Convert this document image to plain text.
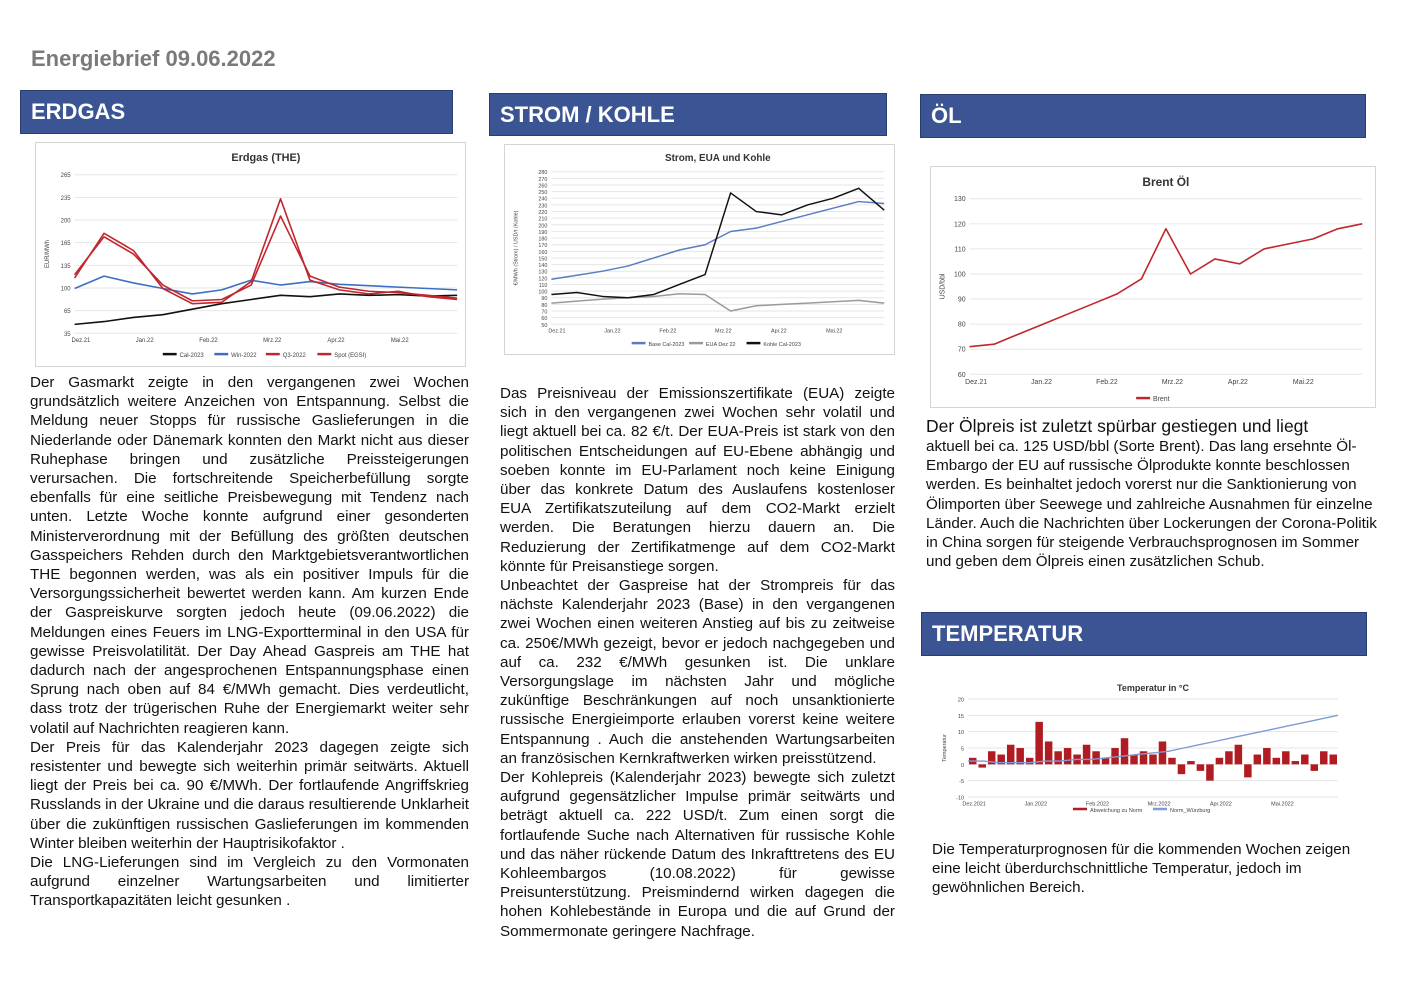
Energiebrief 09.06.2022
ERDGAS
Erdgas (THE)
35
65
100
135
165
200
235
265
EUR/MWh
Dez.21	Jan.22	Feb.22	Mrz.22	Apr.22	Mai.22
Cal-2023	Win-2022	Q3-2022	Spot (EGSI)

Der Gasmarkt zeigte in den vergangenen zwei Wochen grundsätzlich weitere Anzeichen von Entspannung. Selbst die Meldung neuer Stopps für russische Gaslieferungen in die Niederlande oder Dänemark konnten den Markt nicht aus dieser Ruhephase bringen und zusätzliche Preissteigerungen verursachen. Die fortschreitende Speicherbefüllung sorgte ebenfalls für eine seitliche Preisbewegung mit Tendenz nach unten. Letzte Woche konnte aufgrund einer gesonderten Ministerverordnung mit der Befüllung des größten deutschen Gasspeichers Rehden durch den Marktgebietsverantwortlichen THE begonnen werden, was als ein positiver Impuls für die Versorgungssicherheit bewertet werden kann. Am kurzen Ende der Gaspreiskurve sorgten jedoch heute (09.06.2022) die Meldungen eines Feuers im LNG-Exportterminal in den USA für gewisse Preisvolatilität. Der Day Ahead Gaspreis am THE hat dadurch nach der angesprochenen Entspannungsphase einen Sprung nach oben auf 84 €/MWh gemacht. Dies verdeutlicht, dass trotz der trügerischen Ruhe der Energiemarkt weiter sehr volatil auf Nachrichten reagieren kann.

Der Preis für das Kalenderjahr 2023 dagegen zeigte sich resistenter und bewegte sich weiterhin primär seitwärts. Aktuell liegt der Preis bei ca. 90 €/MWh. Der fortlaufende Angriffskrieg Russlands in der Ukraine und die daraus resultierende Unklarheit über die zukünftigen russischen Gaslieferungen im kommenden Winter bleiben weiterhin der Hauptrisikofaktor .

Die LNG-Lieferungen sind im Vergleich zu den Vormonaten aufgrund einzelner Wartungsarbeiten und limitierter Transportkapazitäten leicht gesunken .

STROM / KOHLE
Strom, EUA und Kohle
50
60
70
80
90
100
110
120
130
140
150
160
170
180
190
200
210
220
230
240
250
260
270
280
€/MWh (Strom) / USD/t (Kohle)
Dez.21	Jan.22	Feb.22	Mrz.22	Apr.22	Mai.22
Base Cal-2023	EUA Dez 22	Kohle Cal-2023

Das Preisniveau der Emissionszertifikate (EUA) zeigte sich in den vergangenen zwei Wochen sehr volatil und liegt aktuell bei ca. 82 €/t. Der EUA-Preis ist stark von den politischen Entscheidungen auf EU-Ebene abhängig und soeben konnte im EU-Parlament noch keine Einigung über das konkrete Datum des Auslaufens kostenloser EUA Zertifikatszuteilung auf dem CO2-Markt erzielt werden. Die Beratungen hierzu dauern an. Die Reduzierung der Zertifikatmenge auf dem CO2-Markt könnte für Preisanstiege sorgen.

Unbeachtet der Gaspreise hat der Strompreis für das nächste Kalenderjahr 2023 (Base) in den vergangenen zwei Wochen einen weiteren Anstieg auf bis zu zeitweise ca. 250€/MWh gezeigt, bevor er jedoch nachgegeben und auf ca. 232 €/MWh gesunken ist. Die unklare Versorgungslage im nächsten Jahr und mögliche zukünftige Beschränkungen auf noch unsanktionierte russische Energieimporte erlauben vorerst keine weitere Entspannung . Auch die anstehenden Wartungsarbeiten an französischen Kernkraftwerken wirken preisstützend.

Der Kohlepreis (Kalenderjahr 2023) bewegte sich zuletzt aufgrund gegensätzlicher Impulse primär seitwärts und beträgt aktuell ca. 222 USD/t. Zum einen sorgt die fortlaufende Suche nach Alternativen für russische Kohle und das näher rückende Datum des Inkrafttretens des EU Kohleembargos (10.08.2022) für gewisse Preisunterstützung. Preismindernd wirken dagegen die hohen Kohlebestände in Europa und die auf Grund der Sommermonate geringere Nachfrage.

ÖL
Brent Öl
60
70
80
90
100
110
120
130
USD/bbl
Dez.21	Jan.22	Feb.22	Mrz.22	Apr.22	Mai.22
Brent

Der Ölpreis ist zuletzt spürbar gestiegen und liegt

aktuell bei ca. 125 USD/bbl (Sorte Brent). Das lang ersehnte Öl-Embargo der EU auf russische Ölprodukte konnte beschlossen werden. Es beinhaltet jedoch vorerst nur die Sanktionierung von Ölimporten über Seewege und zahlreiche Ausnahmen für einzelne Länder. Auch die Nachrichten über Lockerungen der Corona-Politik in China sorgen für steigende Verbrauchsprognosen im Sommer und geben dem Ölpreis einen zusätzlichen Schub.

TEMPERATUR
Temperatur in °C
-10
-5
0
5
10
15
20
Temperatur
Dez.2021	Jan.2022	Feb.2022	Mrz.2022	Apr.2022	Mai.2022
Abweichung zu Norm	Norm_Würzburg

Die Temperaturprognosen für die kommenden Wochen zeigen eine leicht überdurchschnittliche Temperatur, jedoch im gewöhnlichen Bereich.
